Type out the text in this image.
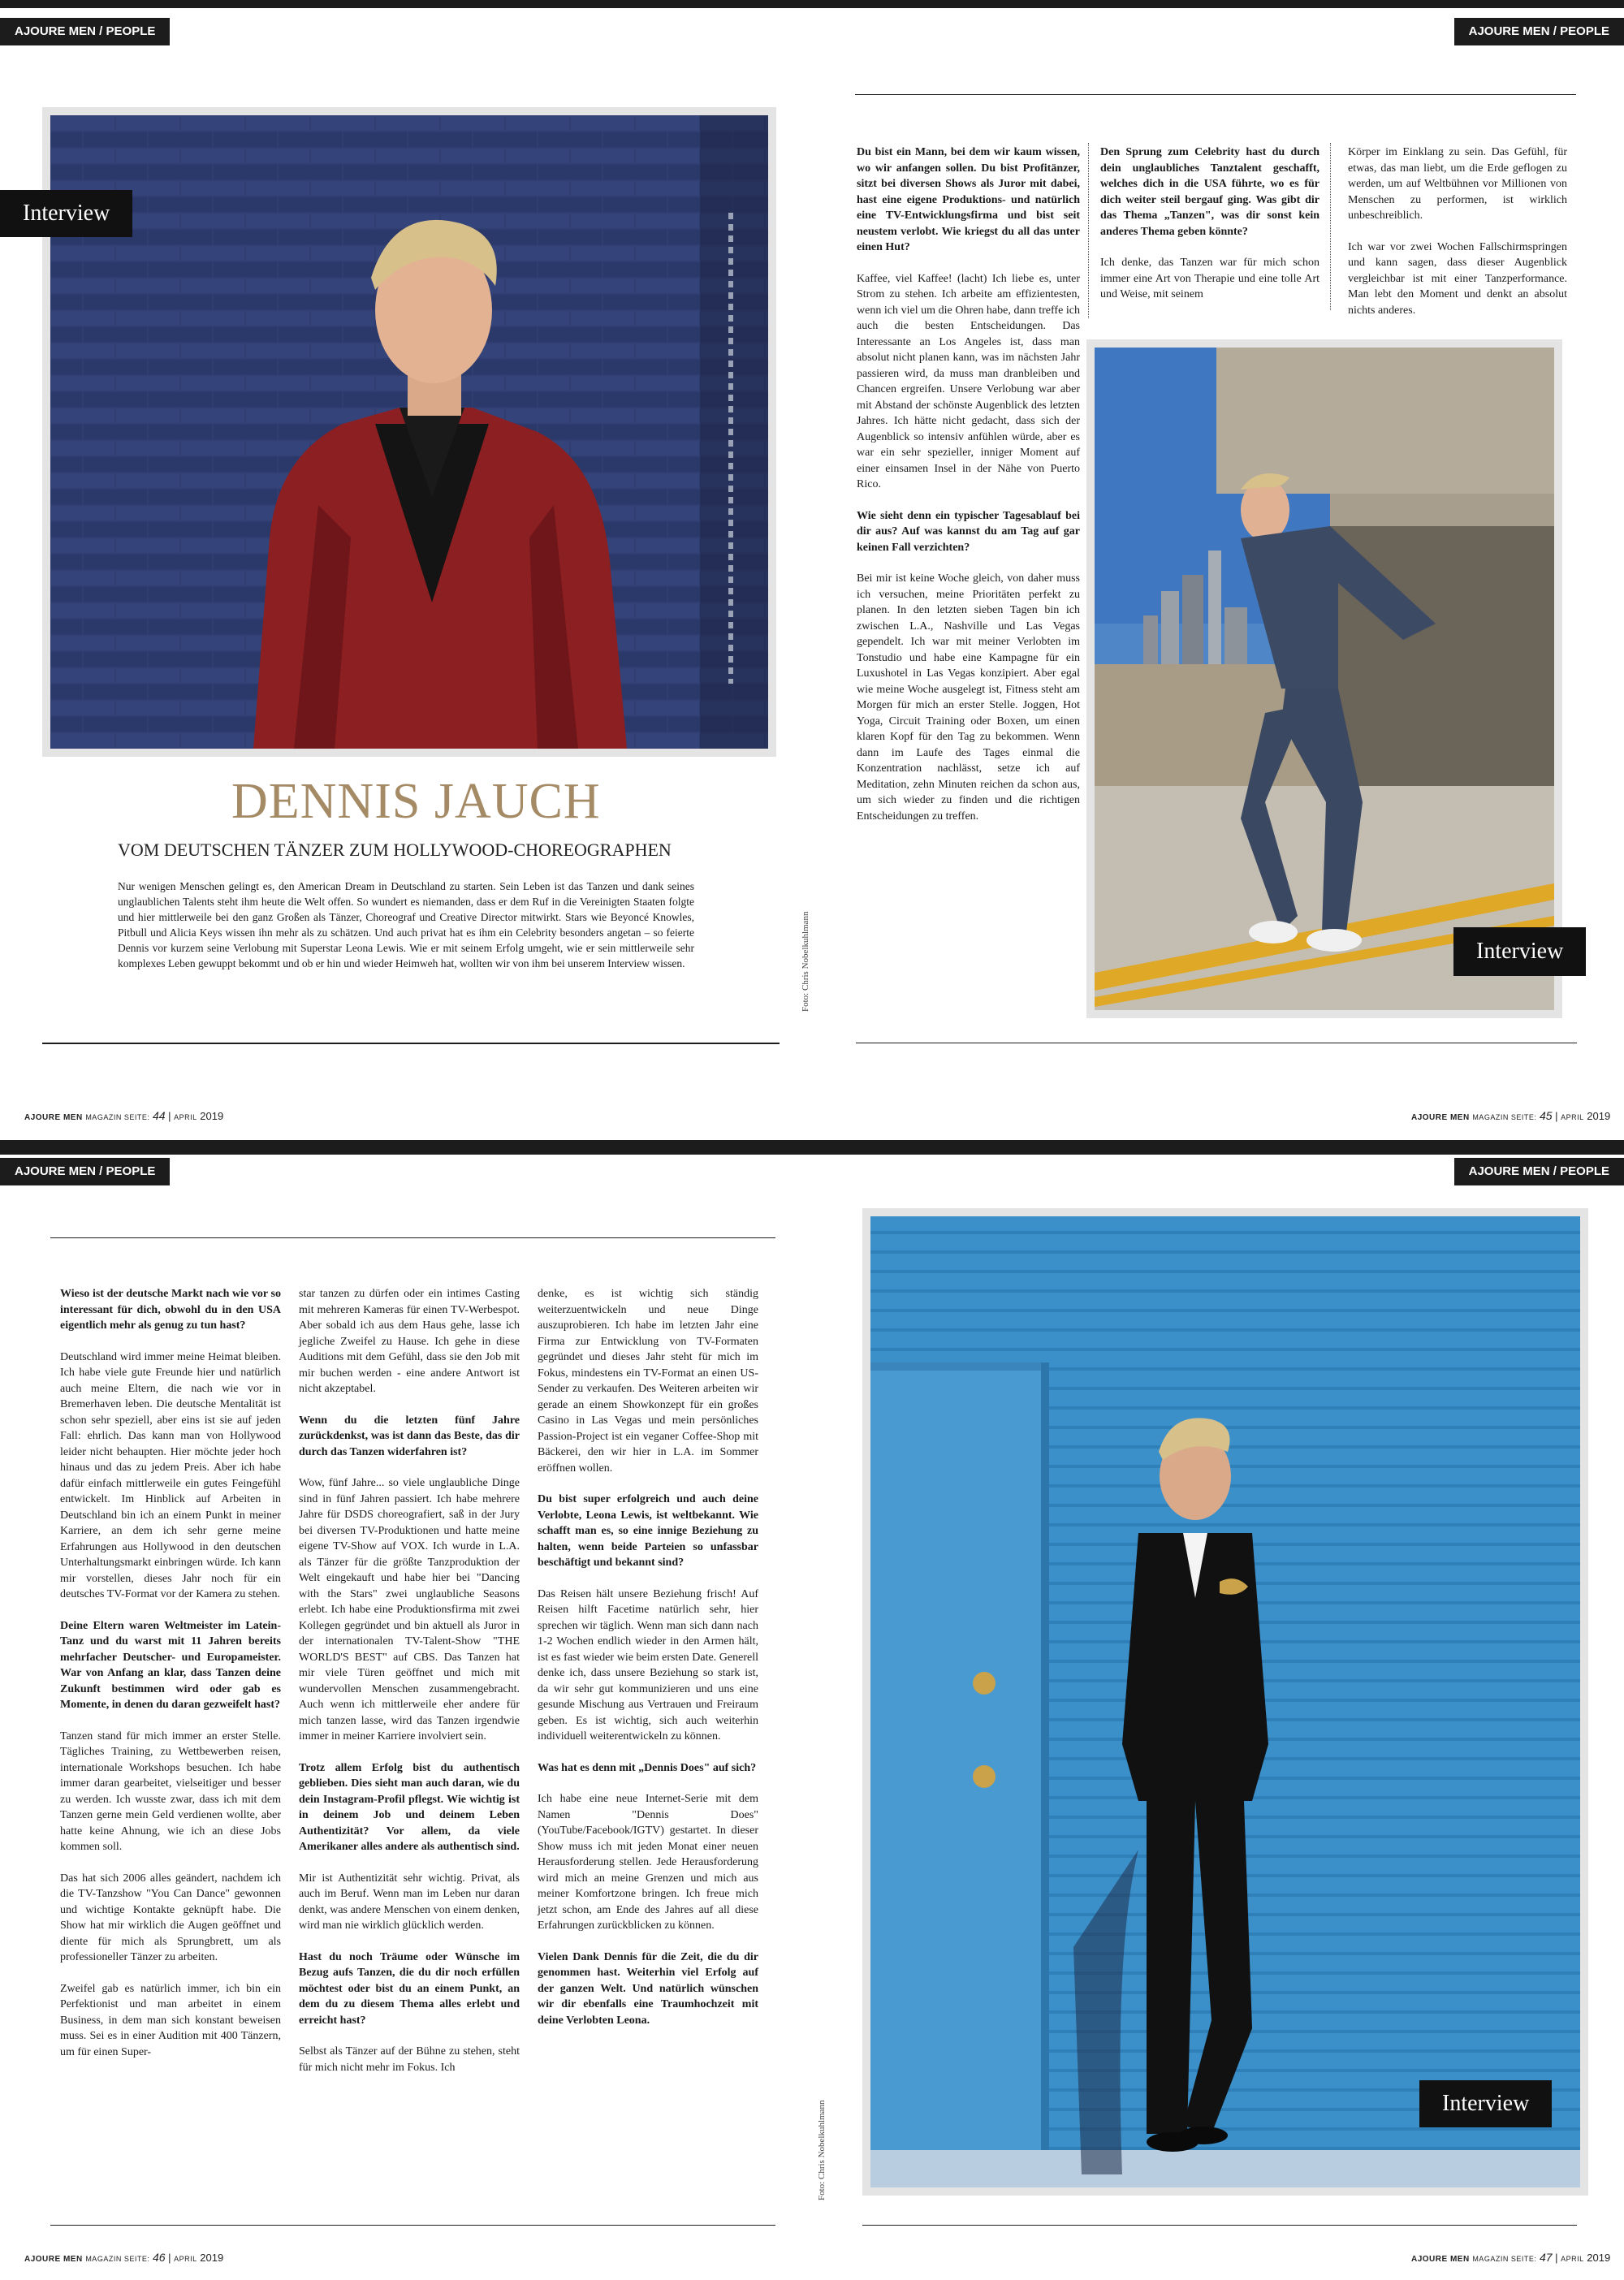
AJOURE MEN / PEOPLE	AJOURE MEN / PEOPLE
Interview
DENNIS JAUCH
VOM DEUTSCHEN TÄNZER ZUM HOLLYWOOD-CHOREOGRAPHEN
Nur wenigen Menschen gelingt es, den American Dream in Deutschland zu starten. Sein Leben ist das Tanzen und dank seines unglaublichen Talents steht ihm heute die Welt offen. So wundert es niemanden, dass er dem Ruf in die Vereinigten Staaten folgte und hier mittlerweile bei den ganz Großen als Tänzer, Choreograf und Creative Director mitwirkt. Stars wie Beyoncé Knowles, Pitbull und Alicia Keys wissen ihn mehr als zu schätzen. Und auch privat hat es ihm ein Celebrity besonders angetan – so feierte Dennis vor kurzem seine Verlobung mit Superstar Leona Lewis. Wie er mit seinem Erfolg umgeht, wie er sein mittlerweile sehr komplexes Leben gewuppt bekommt und ob er hin und wieder Heimweh hat, wollten wir von ihm bei unserem Interview wissen.	Foto: Chris Nobelkuhlmann
AJOURE MEN MAGAZIN SEITE: 44 | APRIL 2019

Du bist ein Mann, bei dem wir kaum wissen, wo wir anfangen sollen. Du bist Profitänzer, sitzt bei diversen Shows als Juror mit dabei, hast eine eigene Produktions- und natürlich eine TV-Entwicklungsfirma und bist seit neustem verlobt. Wie kriegst du all das unter einen Hut?

Kaffee, viel Kaffee! (lacht) Ich liebe es, unter Strom zu stehen. Ich arbeite am effizientesten, wenn ich viel um die Ohren habe, dann treffe ich auch die besten Entscheidungen. Das Interessante an Los Angeles ist, dass man absolut nicht planen kann, was im nächsten Jahr passieren wird, da muss man dranbleiben und Chancen ergreifen. Unsere Verlobung war aber mit Abstand der schönste Augenblick des letzten Jahres. Ich hätte nicht gedacht, dass sich der Augenblick so intensiv anfühlen würde, aber es war ein sehr spezieller, inniger Moment auf einer einsamen Insel in der Nähe von Puerto Rico.

Wie sieht denn ein typischer Tagesablauf bei dir aus? Auf was kannst du am Tag auf gar keinen Fall verzichten?

Bei mir ist keine Woche gleich, von daher muss ich versuchen, meine Prioritäten perfekt zu planen. In den letzten sieben Tagen bin ich zwischen L.A., Nashville und Las Vegas gependelt. Ich war mit meiner Verlobten im Tonstudio und habe eine Kampagne für ein Luxushotel in Las Vegas konzipiert. Aber egal wie meine Woche ausgelegt ist, Fitness steht am Morgen für mich an erster Stelle. Joggen, Hot Yoga, Circuit Training oder Boxen, um einen klaren Kopf für den Tag zu bekommen. Wenn dann im Laufe des Tages einmal die Konzentration nachlässt, setze ich auf Meditation, zehn Minuten reichen da schon aus, um sich wieder zu finden und die richtigen Entscheidungen zu treffen.

Den Sprung zum Celebrity hast du durch dein unglaubliches Tanztalent geschafft, welches dich in die USA führte, wo es für dich weiter steil bergauf ging. Was gibt dir das Thema „Tanzen", was dir sonst kein anderes Thema geben könnte?

Ich denke, das Tanzen war für mich schon immer eine Art von Therapie und eine tolle Art und Weise, mit seinem

Körper im Einklang zu sein. Das Gefühl, für etwas, das man liebt, um die Erde geflogen zu werden, um auf Weltbühnen vor Millionen von Menschen zu performen, ist wirklich unbeschreiblich.

Ich war vor zwei Wochen Fallschirmspringen und kann sagen, dass dieser Augenblick vergleichbar ist mit einer Tanzperformance. Man lebt den Moment und denkt an absolut nichts anderes.

Interview
AJOURE MEN MAGAZIN SEITE: 45 | APRIL 2019
AJOURE MEN / PEOPLE	AJOURE MEN / PEOPLE

Wieso ist der deutsche Markt nach wie vor so interessant für dich, obwohl du in den USA eigentlich mehr als genug zu tun hast?

Deutschland wird immer meine Heimat bleiben. Ich habe viele gute Freunde hier und natürlich auch meine Eltern, die nach wie vor in Bremerhaven leben. Die deutsche Mentalität ist schon sehr speziell, aber eins ist sie auf jeden Fall: ehrlich. Das kann man von Hollywood leider nicht behaupten. Hier möchte jeder hoch hinaus und das zu jedem Preis. Aber ich habe dafür einfach mittlerweile ein gutes Feingefühl entwickelt. Im Hinblick auf Arbeiten in Deutschland bin ich an einem Punkt in meiner Karriere, an dem ich sehr gerne meine Erfahrungen aus Hollywood in den deutschen Unterhaltungsmarkt einbringen würde. Ich kann mir vorstellen, dieses Jahr noch für ein deutsches TV-Format vor der Kamera zu stehen.

Deine Eltern waren Weltmeister im Latein-Tanz und du warst mit 11 Jahren bereits mehrfacher Deutscher- und Europameister. War von Anfang an klar, dass Tanzen deine Zukunft bestimmen wird oder gab es Momente, in denen du daran gezweifelt hast?

Tanzen stand für mich immer an erster Stelle. Tägliches Training, zu Wettbewerben reisen, internationale Workshops besuchen. Ich habe immer daran gearbeitet, vielseitiger und besser zu werden. Ich wusste zwar, dass ich mit dem Tanzen gerne mein Geld verdienen wollte, aber hatte keine Ahnung, wie ich an diese Jobs kommen soll.

Das hat sich 2006 alles geändert, nachdem ich die TV-Tanzshow "You Can Dance" gewonnen und wichtige Kontakte geknüpft habe. Die Show hat mir wirklich die Augen geöffnet und diente für mich als Sprungbrett, um als professioneller Tänzer zu arbeiten.

Zweifel gab es natürlich immer, ich bin ein Perfektionist und man arbeitet in einem Business, in dem man sich konstant beweisen muss. Sei es in einer Audition mit 400 Tänzern, um für einen Super-

star tanzen zu dürfen oder ein intimes Casting mit mehreren Kameras für einen TV-Werbespot. Aber sobald ich aus dem Haus gehe, lasse ich jegliche Zweifel zu Hause. Ich gehe in diese Auditions mit dem Gefühl, dass sie den Job mit mir buchen werden - eine andere Antwort ist nicht akzeptabel.

Wenn du die letzten fünf Jahre zurückdenkst, was ist dann das Beste, das dir durch das Tanzen widerfahren ist?

Wow, fünf Jahre... so viele unglaubliche Dinge sind in fünf Jahren passiert. Ich habe mehrere Jahre für DSDS choreografiert, saß in der Jury bei diversen TV-Produktionen und hatte meine eigene TV-Show auf VOX. Ich wurde in L.A. als Tänzer für die größte Tanzproduktion der Welt eingekauft und habe hier bei "Dancing with the Stars" zwei unglaubliche Seasons erlebt. Ich habe eine Produktionsfirma mit zwei Kollegen gegründet und bin aktuell als Juror in der internationalen TV-Talent-Show "THE WORLD'S BEST" auf CBS. Das Tanzen hat mir viele Türen geöffnet und mich mit wundervollen Menschen zusammengebracht. Auch wenn ich mittlerweile eher andere für mich tanzen lasse, wird das Tanzen irgendwie immer in meiner Karriere involviert sein.

Trotz allem Erfolg bist du authentisch geblieben. Dies sieht man auch daran, wie du dein Instagram-Profil pflegst. Wie wichtig ist in deinem Job und deinem Leben Authentizität? Vor allem, da viele Amerikaner alles andere als authentisch sind.

Mir ist Authentizität sehr wichtig. Privat, als auch im Beruf. Wenn man im Leben nur daran denkt, was andere Menschen von einem denken, wird man nie wirklich glücklich werden.

Hast du noch Träume oder Wünsche im Bezug aufs Tanzen, die du dir noch erfüllen möchtest oder bist du an einem Punkt, an dem du zu diesem Thema alles erlebt und erreicht hast?

Selbst als Tänzer auf der Bühne zu stehen, steht für mich nicht mehr im Fokus. Ich

denke, es ist wichtig sich ständig weiterzuentwickeln und neue Dinge auszuprobieren. Ich habe im letzten Jahr eine Firma zur Entwicklung von TV-Formaten gegründet und dieses Jahr steht für mich im Fokus, mindestens ein TV-Format an einen US-Sender zu verkaufen. Des Weiteren arbeiten wir gerade an einem Showkonzept für ein großes Casino in Las Vegas und mein persönliches Passion-Project ist ein veganer Coffee-Shop mit Bäckerei, den wir hier in L.A. im Sommer eröffnen wollen.

Du bist super erfolgreich und auch deine Verlobte, Leona Lewis, ist weltbekannt. Wie schafft man es, so eine innige Beziehung zu halten, wenn beide Parteien so unfassbar beschäftigt und bekannt sind?

Das Reisen hält unsere Beziehung frisch! Auf Reisen hilft Facetime natürlich sehr, hier sprechen wir täglich. Wenn man sich dann nach 1-2 Wochen endlich wieder in den Armen hält, ist es fast wieder wie beim ersten Date. Generell denke ich, dass unsere Beziehung so stark ist, da wir sehr gut kommunizieren und uns eine gesunde Mischung aus Vertrauen und Freiraum geben. Es ist wichtig, sich auch weiterhin individuell weiterentwickeln zu können.

Was hat es denn mit „Dennis Does" auf sich?

Ich habe eine neue Internet-Serie mit dem Namen "Dennis Does" (YouTube/Facebook/IGTV) gestartet. In dieser Show muss ich mit jeden Monat einer neuen Herausforderung stellen. Jede Herausforderung wird mich an meine Grenzen und mich aus meiner Komfortzone bringen. Ich freue mich jetzt schon, am Ende des Jahres auf all diese Erfahrungen zurückblicken zu können.

Vielen Dank Dennis für die Zeit, die du dir genommen hast. Weiterhin viel Erfolg auf der ganzen Welt. Und natürlich wünschen wir dir ebenfalls eine Traumhochzeit mit deine Verlobten Leona.

AJOURE MEN MAGAZIN SEITE: 46 | APRIL 2019
Interview
Foto: Chris Nobelkuhlmann
AJOURE MEN MAGAZIN SEITE: 47 | APRIL 2019
